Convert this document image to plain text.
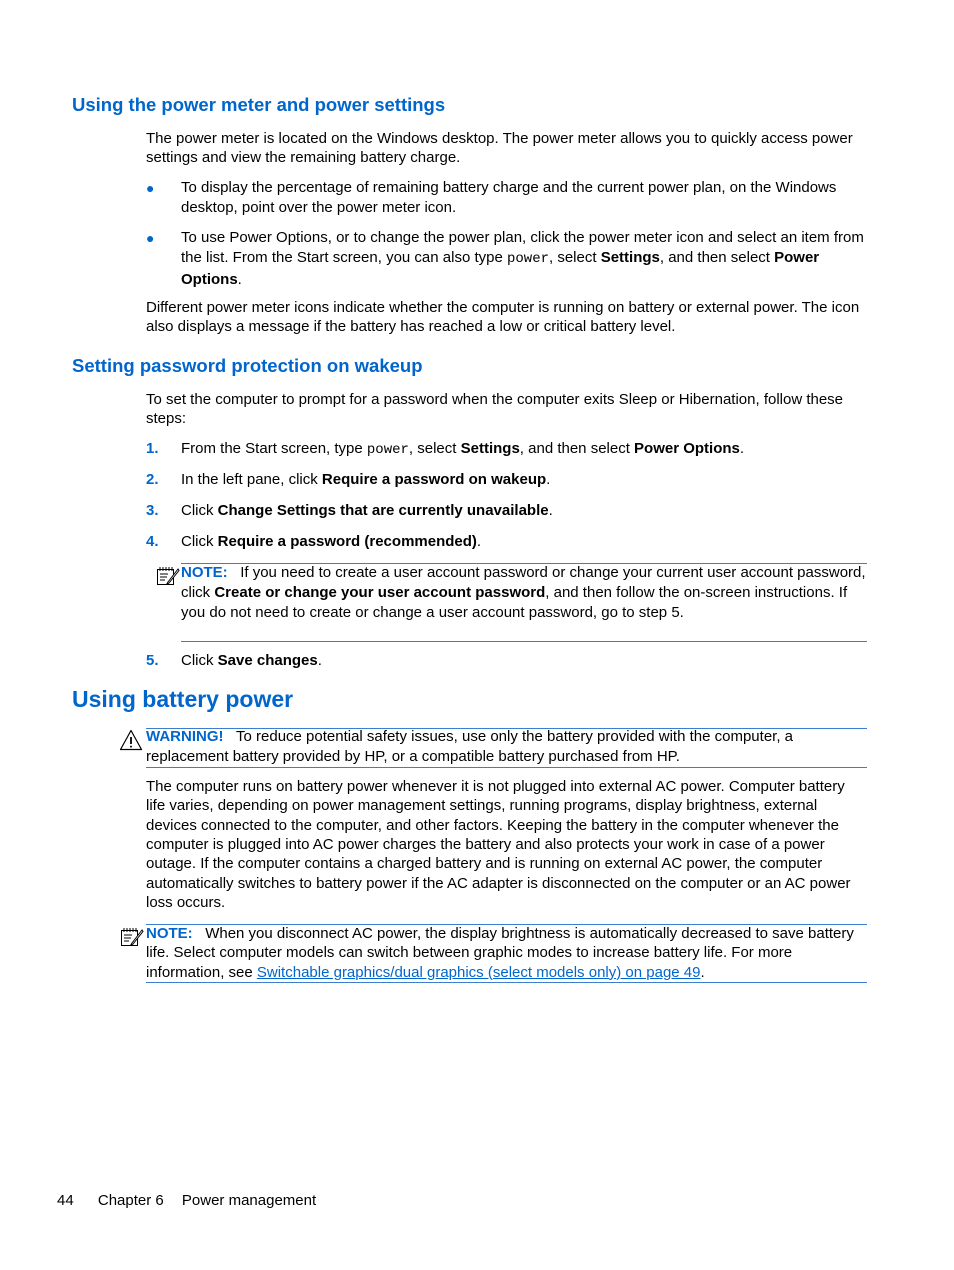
Using the power meter and power settings

The power meter is located on the Windows desktop. The power meter allows you to quickly access power settings and view the remaining battery charge.

● To display the percentage of remaining battery charge and the current power plan, on the Windows desktop, point over the power meter icon.

● To use Power Options, or to change the power plan, click the power meter icon and select an item from the list. From the Start screen, you can also type power, select Settings, and then select Power Options.

Different power meter icons indicate whether the computer is running on battery or external power. The icon also displays a message if the battery has reached a low or critical battery level.

Setting password protection on wakeup

To set the computer to prompt for a password when the computer exits Sleep or Hibernation, follow these steps:

1. From the Start screen, type power, select Settings, and then select Power Options.

2. In the left pane, click Require a password on wakeup.

3. Click Change Settings that are currently unavailable.

4. Click Require a password (recommended).

NOTE: If you need to create a user account password or change your current user account password, click Create or change your user account password, and then follow the on-screen instructions. If you do not need to create or change a user account password, go to step 5.

5. Click Save changes.

Using battery power

WARNING! To reduce potential safety issues, use only the battery provided with the computer, a replacement battery provided by HP, or a compatible battery purchased from HP.

The computer runs on battery power whenever it is not plugged into external AC power. Computer battery life varies, depending on power management settings, running programs, display brightness, external devices connected to the computer, and other factors. Keeping the battery in the computer whenever the computer is plugged into AC power charges the battery and also protects your work in case of a power outage. If the computer contains a charged battery and is running on external AC power, the computer automatically switches to battery power if the AC adapter is disconnected on the computer or an AC power loss occurs.

NOTE: When you disconnect AC power, the display brightness is automatically decreased to save battery life. Select computer models can switch between graphic modes to increase battery life. For more information, see Switchable graphics/dual graphics (select models only) on page 49.

44 Chapter 6 Power management
